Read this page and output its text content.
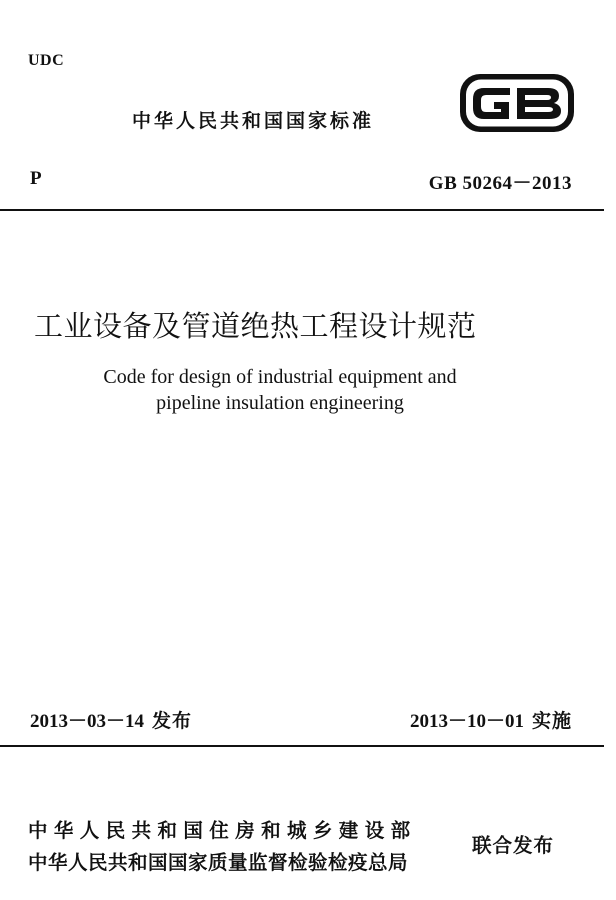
UDC
中华人民共和国国家标准
P	GB 50264－2013
工业设备及管道绝热工程设计规范
Code for design of industrial equipment and
pipeline insulation engineering
2013－03－14 发布	2013－10－01 实施
中华人民共和国住房和城乡建设部
中华人民共和国国家质量监督检验检疫总局
联合发布
